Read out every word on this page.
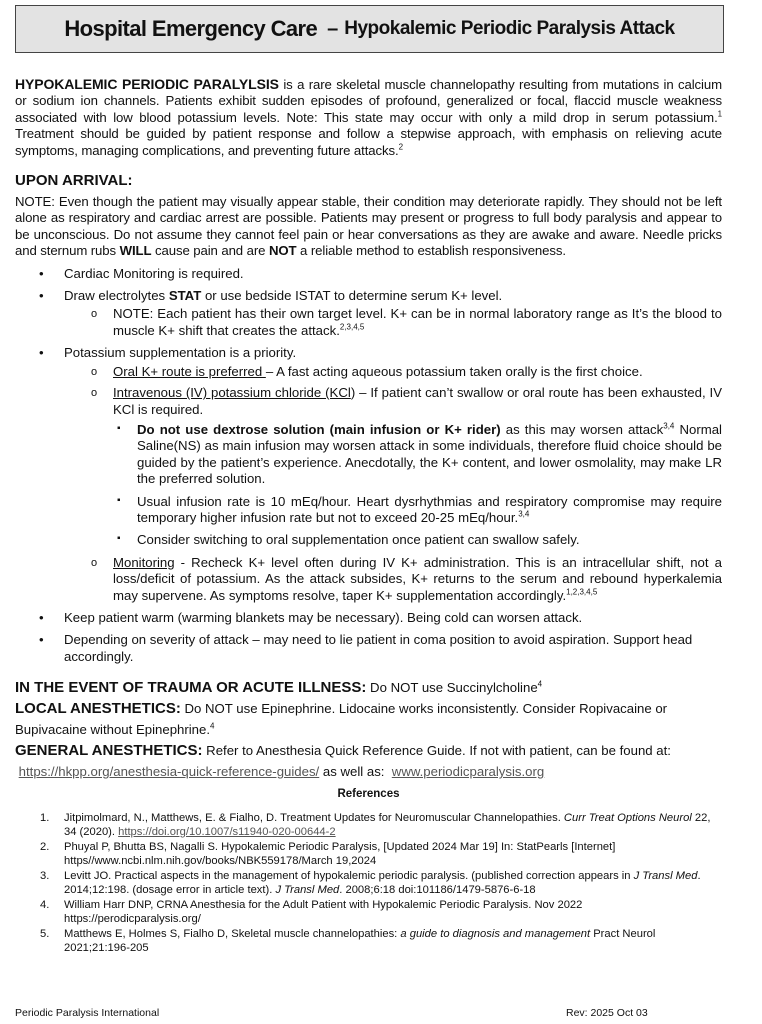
Hospital Emergency Care – Hypokalemic Periodic Paralysis Attack

HYPOKALEMIC PERIODIC PARALYLSIS is a rare skeletal muscle channelopathy resulting from mutations in calcium or sodium ion channels. Patients exhibit sudden episodes of profound, generalized or focal, flaccid muscle weakness associated with low blood potassium levels. Note: This state may occur with only a mild drop in serum potassium.$^1$ Treatment should be guided by patient response and follow a stepwise approach, with emphasis on relieving acute symptoms, managing complications, and preventing future attacks.$^2$

UPON ARRIVAL:

NOTE: Even though the patient may visually appear stable, their condition may deteriorate rapidly. They should not be left alone as respiratory and cardiac arrest are possible. Patients may present or progress to full body paralysis and appear to be unconscious. Do not assume they cannot feel pain or hear conversations as they are awake and aware. Needle pricks and sternum rubs WILL cause pain and are NOT a reliable method to establish responsiveness.

• Cardiac Monitoring is required.
• Draw electrolytes STAT or use bedside ISTAT to determine serum K+ level.
o NOTE: Each patient has their own target level. K+ can be in normal laboratory range as It’s the blood to muscle K+ shift that creates the attack.$^{2,3,4,5}$
• Potassium supplementation is a priority.
o Oral K+ route is preferred – A fast acting aqueous potassium taken orally is the first choice.
o Intravenous (IV) potassium chloride (KCl) – If patient can’t swallow or oral route has been exhausted, IV KCl is required.
▪ Do not use dextrose solution (main infusion or K+ rider) as this may worsen attack$^{3,4}$ Normal Saline(NS) as main infusion may worsen attack in some individuals, therefore fluid choice should be guided by the patient’s experience. Anecdotally, the K+ content, and lower osmolality, may make LR the preferred solution.
▪ Usual infusion rate is 10 mEq/hour. Heart dysrhythmias and respiratory compromise may require temporary higher infusion rate but not to exceed 20-25 mEq/hour.$^{3,4}$
▪ Consider switching to oral supplementation once patient can swallow safely.
o Monitoring - Recheck K+ level often during IV K+ administration. This is an intracellular shift, not a loss/deficit of potassium. As the attack subsides, K+ returns to the serum and rebound hyperkalemia may supervene. As symptoms resolve, taper K+ supplementation accordingly.$^{1,2,3,4,5}$
• Keep patient warm (warming blankets may be necessary). Being cold can worsen attack.
• Depending on severity of attack – may need to lie patient in coma position to avoid aspiration. Support head accordingly.

IN THE EVENT OF TRAUMA OR ACUTE ILLNESS: Do NOT use Succinylcholine$^4$

LOCAL ANESTHETICS: Do NOT use Epinephrine. Lidocaine works inconsistently. Consider Ropivacaine or Bupivacaine without Epinephrine.$^4$

GENERAL ANESTHETICS: Refer to Anesthesia Quick Reference Guide. If not with patient, can be found at:
https://hkpp.org/anesthesia-quick-reference-guides/ as well as:  www.periodicparalysis.org

References
1. Jitpimolmard, N., Matthews, E. & Fialho, D. Treatment Updates for Neuromuscular Channelopathies. Curr Treat Options Neurol 22, 34 (2020). https://doi.org/10.1007/s11940-020-00644-2
2. Phuyal P, Bhutta BS, Nagalli S. Hypokalemic Periodic Paralysis, [Updated 2024 Mar 19] In: StatPearls [Internet] https//www.ncbi.nlm.nih.gov/books/NBK559178/March 19,2024
3. Levitt JO. Practical aspects in the management of hypokalemic periodic paralysis. (published correction appears in J Transl Med. 2014;12:198. (dosage error in article text). J Transl Med. 2008;6:18 doi:101186/1479-5876-6-18
4. William Harr DNP, CRNA Anesthesia for the Adult Patient with Hypokalemic Periodic Paralysis. Nov 2022 https://perodicparalysis.org/
5. Matthews E, Holmes S, Fialho D, Skeletal muscle channelopathies: a guide to diagnosis and management Pract Neurol 2021;21:196-205
Periodic Paralysis International	Rev: 2025 Oct 03
